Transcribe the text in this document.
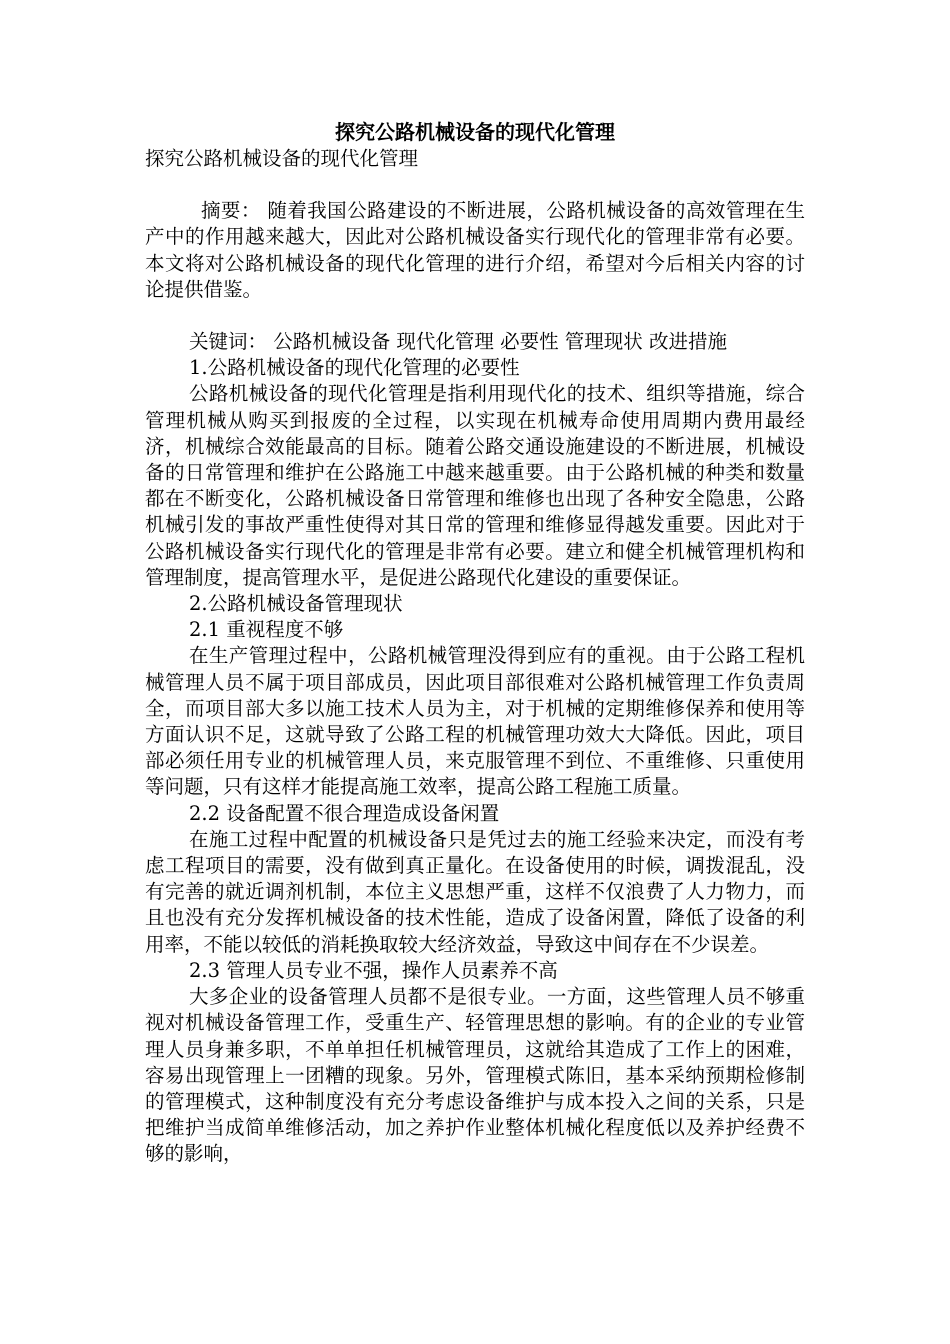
探究公路机械设备的现代化管理

探究公路机械设备的现代化管理

摘要： 随着我国公路建设的不断进展，公路机械设备的高效管理在生产中的作用越来越大，因此对公路机械设备实行现代化的管理非常有必要。本文将对公路机械设备的现代化管理的进行介绍，希望对今后相关内容的讨论提供借鉴。

关键词： 公路机械设备 现代化管理 必要性 管理现状 改进措施

1.公路机械设备的现代化管理的必要性

公路机械设备的现代化管理是指利用现代化的技术、组织等措施，综合管理机械从购买到报废的全过程，以实现在机械寿命使用周期内费用最经济，机械综合效能最高的目标。随着公路交通设施建设的不断进展，机械设备的日常管理和维护在公路施工中越来越重要。由于公路机械的种类和数量都在不断变化，公路机械设备日常管理和维修也出现了各种安全隐患，公路机械引发的事故严重性使得对其日常的管理和维修显得越发重要。因此对于公路机械设备实行现代化的管理是非常有必要。建立和健全机械管理机构和管理制度，提高管理水平，是促进公路现代化建设的重要保证。

2.公路机械设备管理现状

2.1 重视程度不够

在生产管理过程中，公路机械管理没得到应有的重视。由于公路工程机械管理人员不属于项目部成员，因此项目部很难对公路机械管理工作负责周全，而项目部大多以施工技术人员为主，对于机械的定期维修保养和使用等方面认识不足，这就导致了公路工程的机械管理功效大大降低。因此，项目部必须任用专业的机械管理人员，来克服管理不到位、不重维修、只重使用等问题，只有这样才能提高施工效率，提高公路工程施工质量。

2.2 设备配置不很合理造成设备闲置

在施工过程中配置的机械设备只是凭过去的施工经验来决定，而没有考虑工程项目的需要，没有做到真正量化。在设备使用的时候，调拨混乱，没有完善的就近调剂机制，本位主义思想严重，这样不仅浪费了人力物力，而且也没有充分发挥机械设备的技术性能，造成了设备闲置，降低了设备的利用率，不能以较低的消耗换取较大经济效益，导致这中间存在不少误差。

2.3 管理人员专业不强，操作人员素养不高

大多企业的设备管理人员都不是很专业。一方面，这些管理人员不够重视对机械设备管理工作，受重生产、轻管理思想的影响。有的企业的专业管理人员身兼多职，不单单担任机械管理员，这就给其造成了工作上的困难，容易出现管理上一团糟的现象。另外，管理模式陈旧，基本采纳预期检修制的管理模式，这种制度没有充分考虑设备维护与成本投入之间的关系，只是把维护当成简单维修活动，加之养护作业整体机械化程度低以及养护经费不够的影响，
